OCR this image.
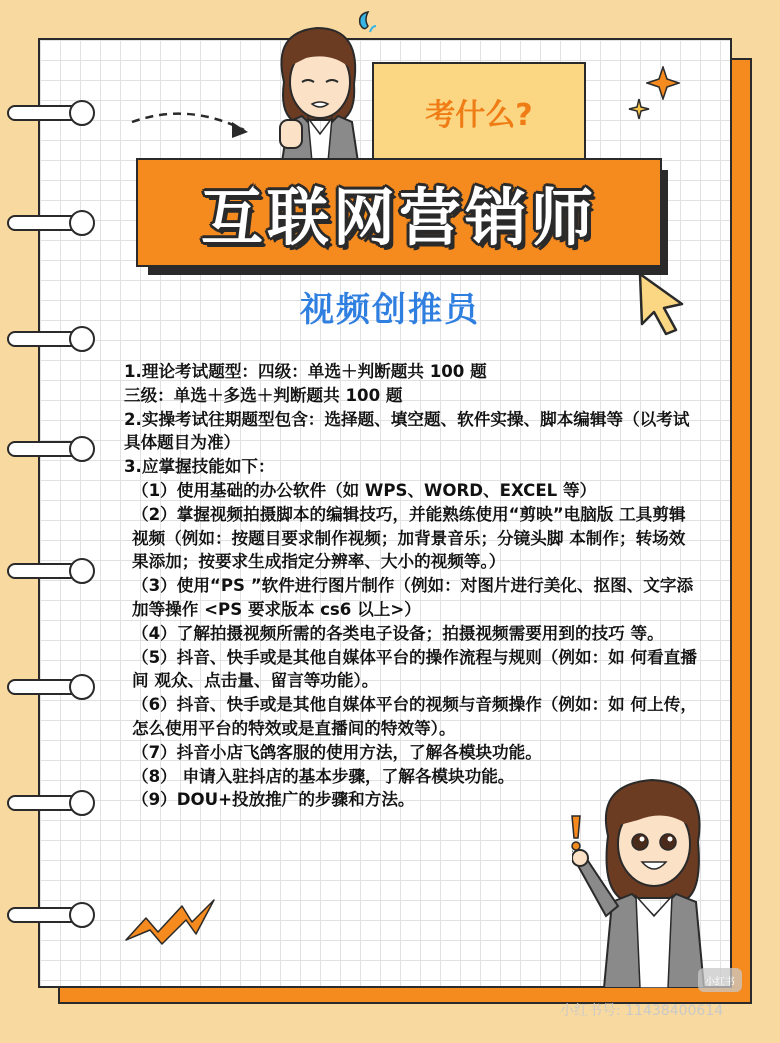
考什么?
互联网营销师
视频创推员

1.理论考试题型：四级：单选＋判断题共 100 题

三级：单选＋多选＋判断题共 100 题

2.实操考试往期题型包含：选择题、填空题、软件实操、脚本编辑等（以考试具体题目为准）

3.应掌握技能如下：

（1）使用基础的办公软件（如 WPS、WORD、EXCEL 等）

（2）掌握视频拍摄脚本的编辑技巧，并能熟练使用“剪映”电脑版 工具剪辑视频（例如：按题目要求制作视频；加背景音乐；分镜头脚 本制作；转场效果添加；按要求生成指定分辨率、大小的视频等。）

（3）使用“PS ”软件进行图片制作（例如：对图片进行美化、抠图、文字添加等操作 <PS 要求版本 cs6 以上>）

（4）了解拍摄视频所需的各类电子设备；拍摄视频需要用到的技巧 等。

（5）抖音、快手或是其他自媒体平台的操作流程与规则（例如：如 何看直播间 观众、点击量、留言等功能）。

（6）抖音、快手或是其他自媒体平台的视频与音频操作（例如：如 何上传，怎么使用平台的特效或是直播间的特效等）。

（7）抖音小店飞鸽客服的使用方法，了解各模块功能。

（8） 申请入驻抖店的基本步骤，了解各模块功能。

（9）DOU+投放推广的步骤和方法。

小红书
小红书号: 11438400614
